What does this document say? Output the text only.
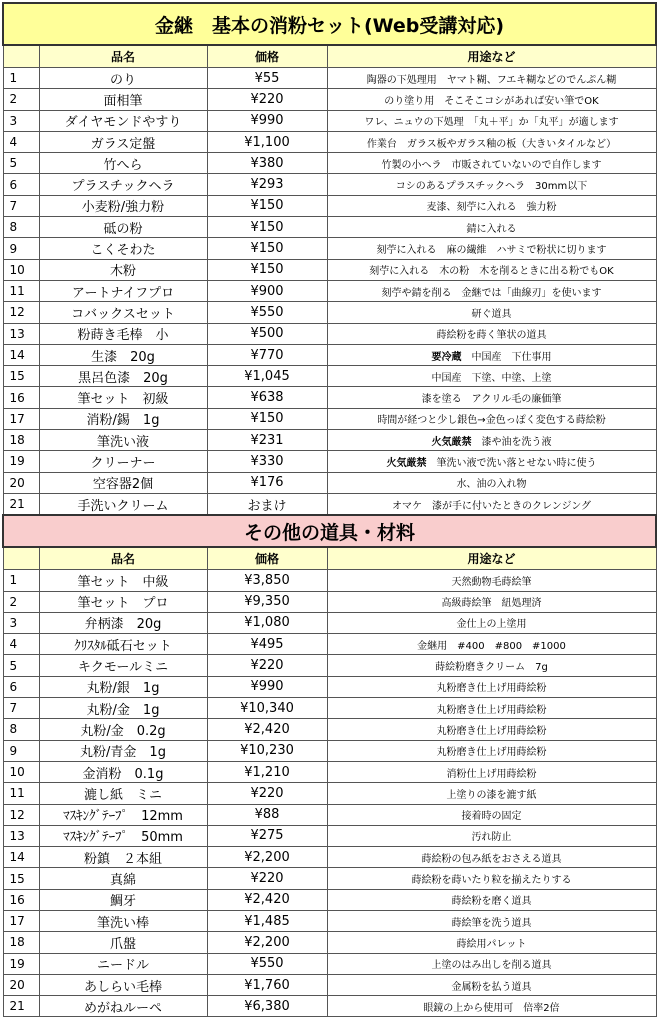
金継　基本の消粉セット(Web受講対応)			
	品名	価格	用途など
1	のり	¥55	陶器の下処理用　ヤマト糊、フエキ糊などのでんぷん糊
2	面相筆	¥220	のり塗り用　そこそこコシがあれば安い筆でOK
3	ダイヤモンドやすり	¥990	ワレ、ニュウの下処理　「丸＋平」か「丸平」が適します
4	ガラス定盤	¥1,100	作業台　ガラス板やガラス釉の板（大きいタイルなど）
5	竹へら	¥380	竹製の小へラ　市販されていないので自作します
6	プラスチックヘラ	¥293	コシのあるプラスチックヘラ　30mm以下
7	小麦粉/強力粉	¥150	麦漆、刻苧に入れる　強力粉
8	砥の粉	¥150	錆に入れる
9	こくそわた	¥150	刻苧に入れる　麻の繊維　ハサミで粉状に切ります
10	木粉	¥150	刻苧に入れる　木の粉　木を削るときに出る粉でもOK
11	アートナイフプロ	¥900	刻苧や錆を削る　金継では「曲線刃」を使います
12	コバックスセット	¥550	研ぐ道具
13	粉蒔き毛棒　小	¥500	蒔絵粉を蒔く筆状の道具
14	生漆　20g	¥770	要冷蔵　中国産　下仕事用
15	黒呂色漆　20g	¥1,045	中国産　下塗、中塗、上塗
16	筆セット　初級	¥638	漆を塗る　アクリル毛の廉価筆
17	消粉/錫　1g	¥150	時間が経つと少し銀色→金色っぽく変色する蒔絵粉
18	筆洗い液	¥231	火気厳禁　漆や油を洗う液
19	クリーナー	¥330	火気厳禁　筆洗い液で洗い落とせない時に使う
20	空容器2個	¥176	水、油の入れ物
21	手洗いクリーム	おまけ	オマケ　漆が手に付いたときのクレンジング
その他の道具・材料			
	品名	価格	用途など
1	筆セット　中級	¥3,850	天然動物毛蒔絵筆
2	筆セット　プロ	¥9,350	高級蒔絵筆　紐処理済
3	弁柄漆　20g	¥1,080	金仕上の上塗用
4	ｸﾘｽﾀﾙ砥石セット	¥495	金継用　#400　#800　#1000
5	キクモールミニ	¥220	蒔絵粉磨きクリーム　7g
6	丸粉/銀　1g	¥990	丸粉磨き仕上げ用蒔絵粉
7	丸粉/金　1g	¥10,340	丸粉磨き仕上げ用蒔絵粉
8	丸粉/金　0.2g	¥2,420	丸粉磨き仕上げ用蒔絵粉
9	丸粉/青金　1g	¥10,230	丸粉磨き仕上げ用蒔絵粉
10	金消粉　0.1g	¥1,210	消粉仕上げ用蒔絵粉
11	漉し紙　ミニ	¥220	上塗りの漆を漉す紙
12	ﾏｽｷﾝｸﾞﾃｰﾌﾟ　12mm	¥88	接着時の固定
13	ﾏｽｷﾝｸﾞﾃｰﾌﾟ　50mm	¥275	汚れ防止
14	粉鎮　２本組	¥2,200	蒔絵粉の包み紙をおさえる道具
15	真綿	¥220	蒔絵粉を蒔いたり粒を揃えたりする
16	鯛牙	¥2,420	蒔絵粉を磨く道具
17	筆洗い棒	¥1,485	蒔絵筆を洗う道具
18	爪盤	¥2,200	蒔絵用パレット
19	ニードル	¥550	上塗のはみ出しを削る道具
20	あしらい毛棒	¥1,760	金属粉を払う道具
21	めがねルーペ	¥6,380	眼鏡の上から使用可　倍率2倍
